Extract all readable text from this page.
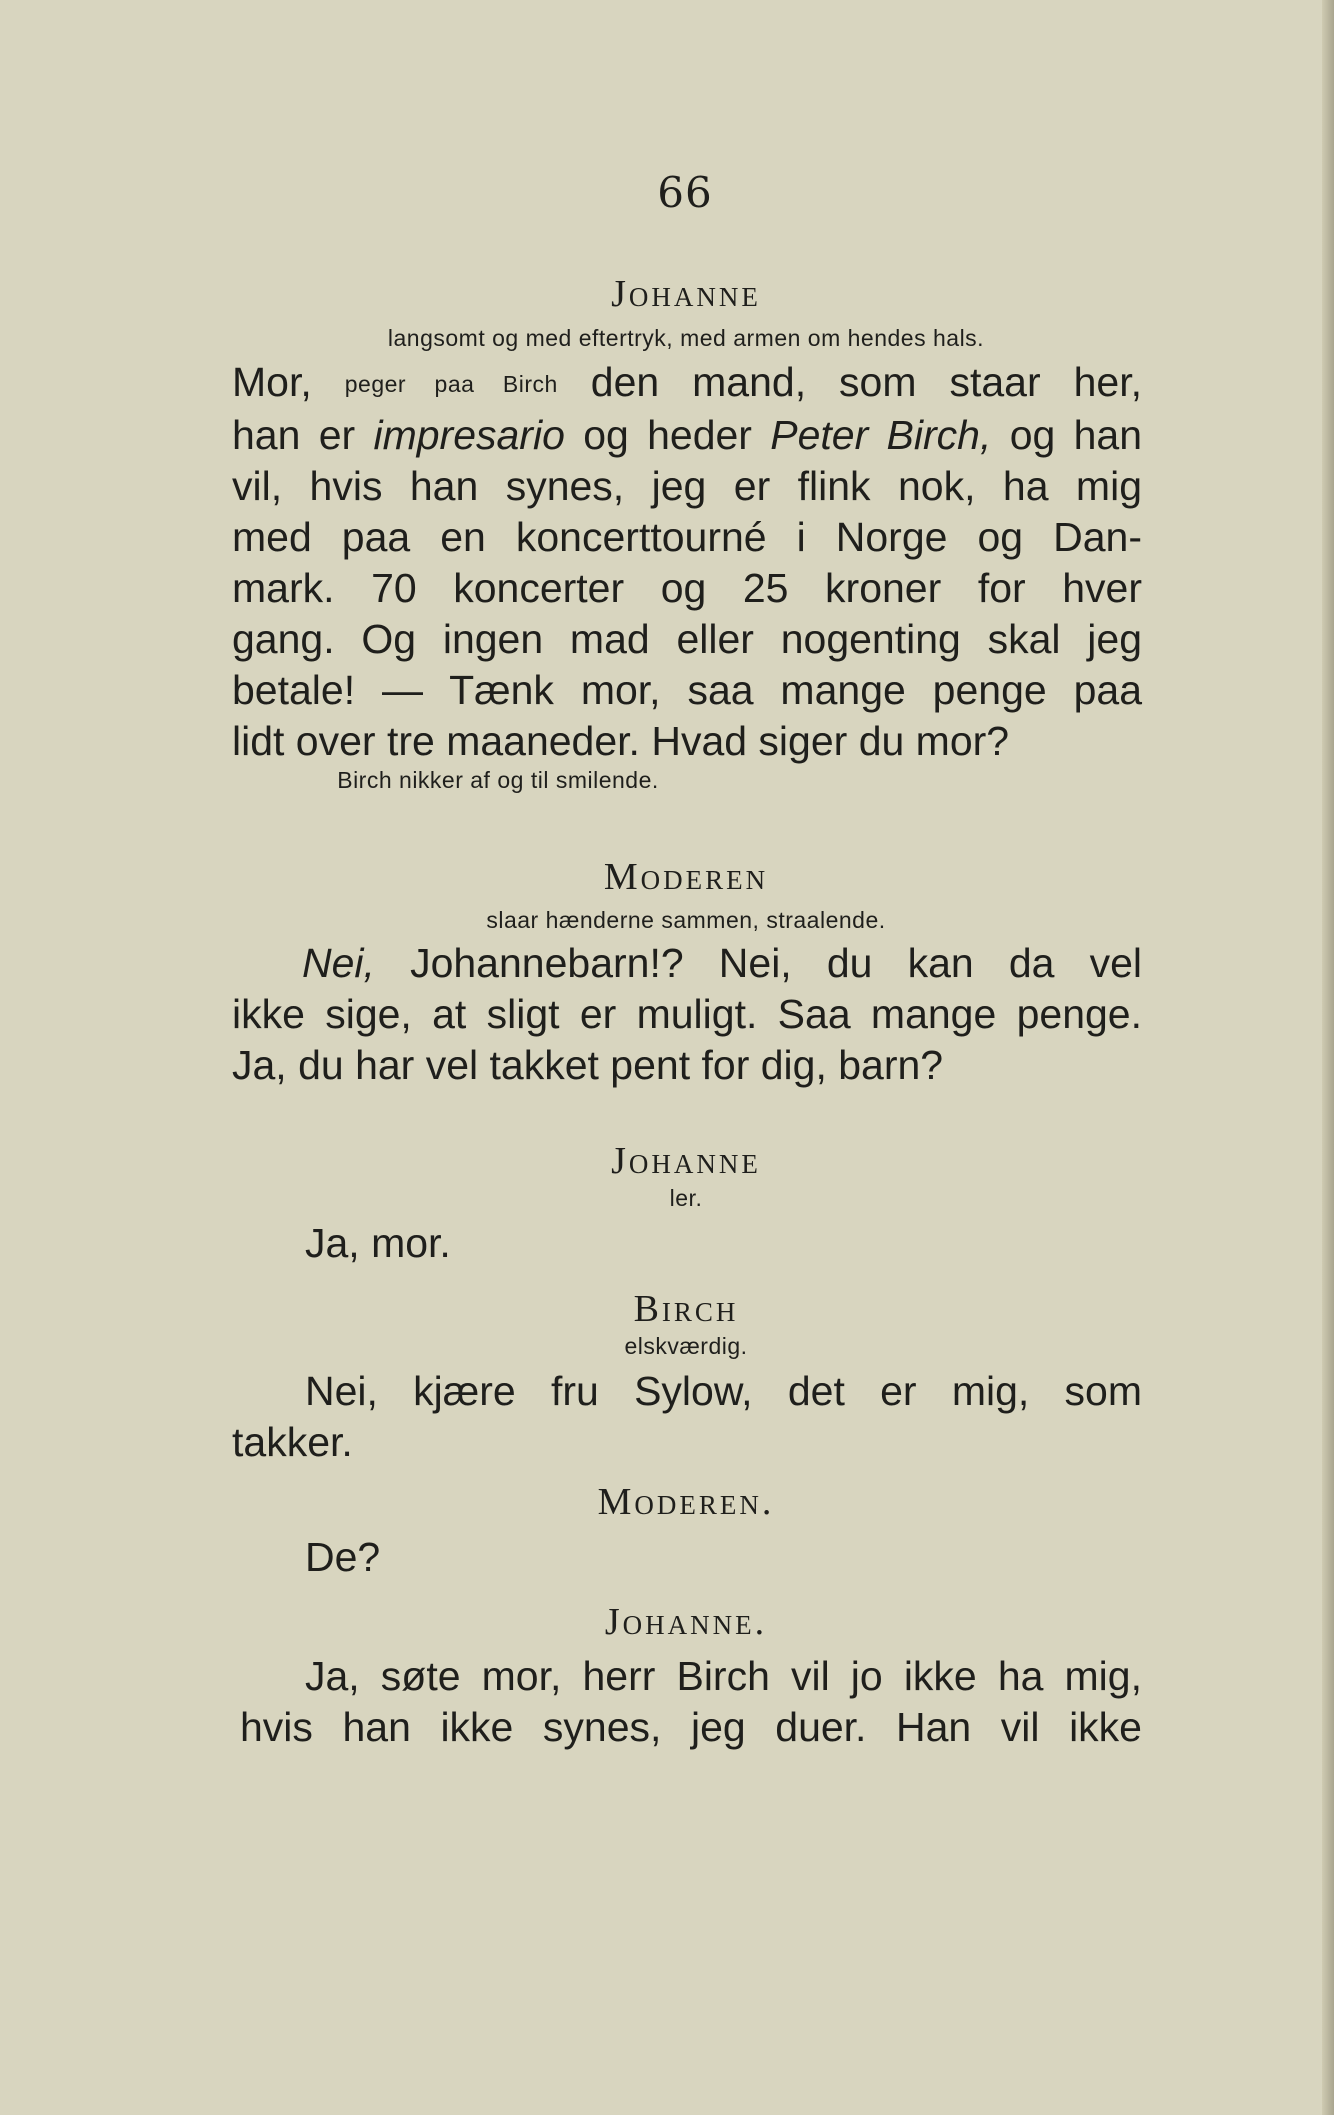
66
Johanne
langsomt og med eftertryk, med armen om hendes hals.
Mor, peger paa Birch den mand, som staar her,
han er impresario og heder Peter Birch, og han
vil, hvis han synes, jeg er flink nok, ha mig
med paa en koncerttourné i Norge og Dan-
mark. 70 koncerter og 25 kroner for hver
gang. Og ingen mad eller nogenting skal jeg
betale! — Tænk mor, saa mange penge paa
lidt over tre maaneder. Hvad siger du mor?
Birch nikker af og til smilende.
Moderen
slaar hænderne sammen, straalende.
Nei, Johannebarn!? Nei, du kan da vel
ikke sige, at sligt er muligt. Saa mange penge.
Ja, du har vel takket pent for dig, barn?
Johanne
ler.
Ja, mor.
Birch
elskværdig.
Nei, kjære fru Sylow, det er mig, som
takker.
Moderen.
De?
Johanne.
Ja, søte mor, herr Birch vil jo ikke ha mig,
hvis han ikke synes, jeg duer. Han vil ikke
